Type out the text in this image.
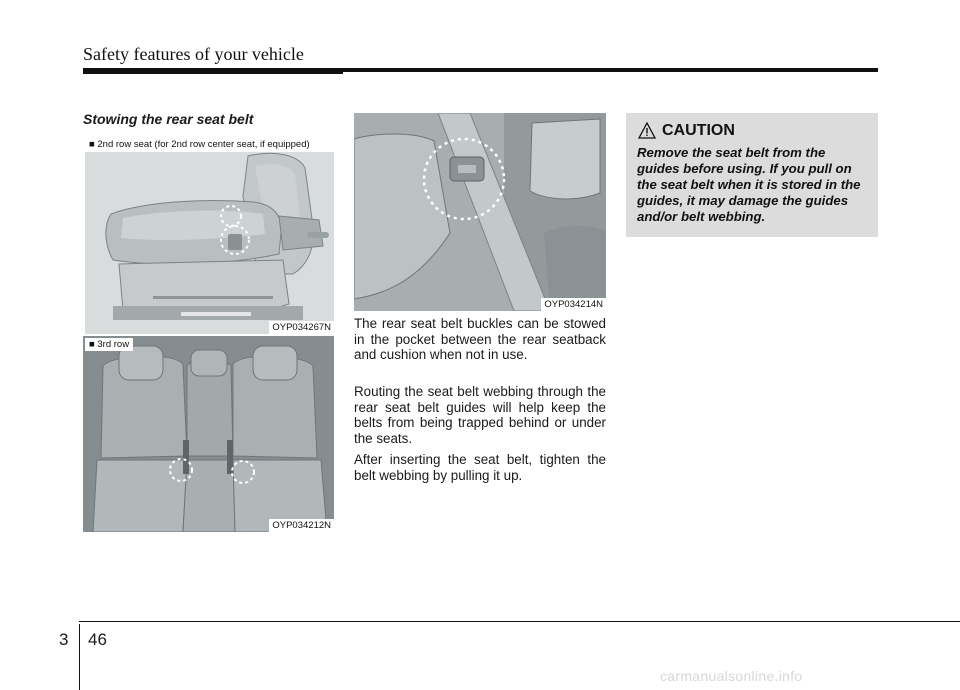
Safety features of your vehicle
Stowing the rear seat belt
■ 2nd row seat (for 2nd row center seat, if equipped)
OYP034267N
■ 3rd row
OYP034212N
OYP034214N
The rear seat belt buckles can be stowed in the pocket between the rear seatback and cushion when not in use.
Routing the seat belt webbing through the rear seat belt guides will help keep the belts from being trapped behind or under the seats.
After inserting the seat belt, tighten the belt webbing by pulling it up.
CAUTION
Remove the seat belt from the guides before using. If you pull on the seat belt when it is stored in the guides, it may damage the guides and/or belt webbing.
3 46
carmanualsonline.info
